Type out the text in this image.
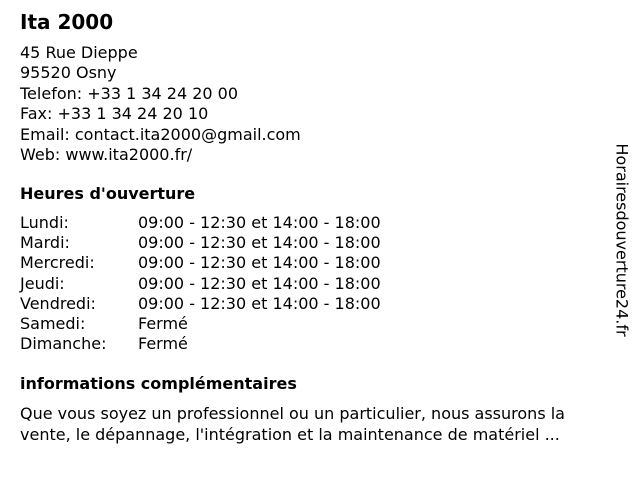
Ita 2000
45 Rue Dieppe
95520 Osny
Telefon: +33 1 34 24 20 00
Fax: +33 1 34 24 20 10
Email: contact.ita2000@gmail.com
Web: www.ita2000.fr/
Heures d'ouverture
Lundi:	09:00 - 12:30 et 14:00 - 18:00
Mardi:	09:00 - 12:30 et 14:00 - 18:00
Mercredi:	09:00 - 12:30 et 14:00 - 18:00
Jeudi:	09:00 - 12:30 et 14:00 - 18:00
Vendredi:	09:00 - 12:30 et 14:00 - 18:00
Samedi:	Fermé
Dimanche:	Fermé
informations complémentaires

Que vous soyez un professionnel ou un particulier, nous assurons la vente, le dépannage, l'intégration et la maintenance de matériel ...

Horairesdouverture24.fr
